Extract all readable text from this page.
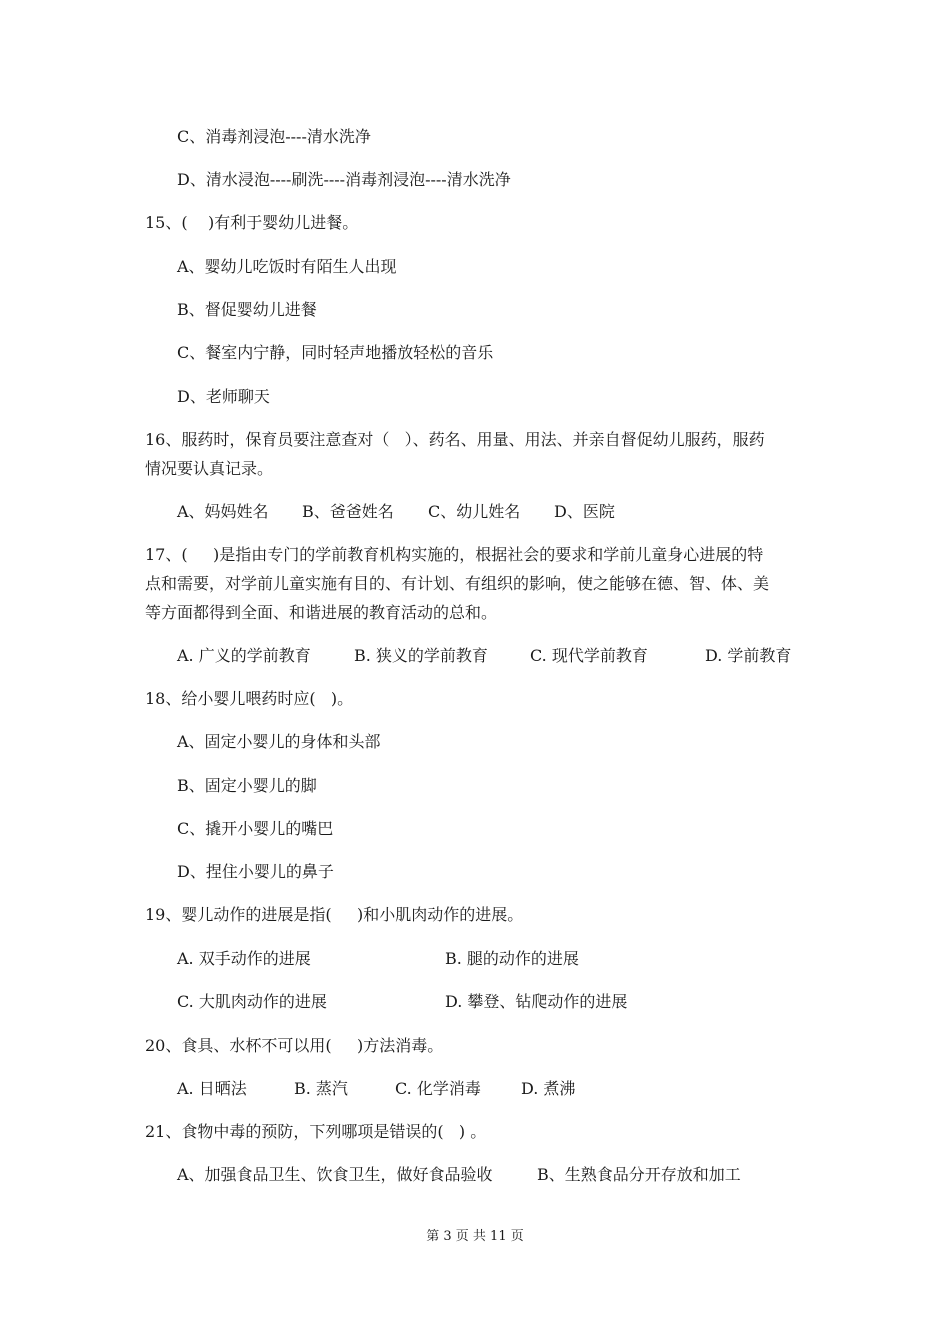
C、消毒剂浸泡----清水洗净
D、清水浸泡----刷洗----消毒剂浸泡----清水洗净
15、(    )有利于婴幼儿进餐。
A、婴幼儿吃饭时有陌生人出现
B、督促婴幼儿进餐
C、餐室内宁静，同时轻声地播放轻松的音乐
D、老师聊天
16、服药时，保育员要注意查对（   ）、药名、用量、用法、并亲自督促幼儿服药，服药
情况要认真记录。
A、妈妈姓名 B、爸爸姓名 C、幼儿姓名 D、医院
17、(     )是指由专门的学前教育机构实施的，根据社会的要求和学前儿童身心进展的特
点和需要，对学前儿童实施有目的、有计划、有组织的影响，使之能够在德、智、体、美
等方面都得到全面、和谐进展的教育活动的总和。
A. 广义的学前教育	B. 狭义的学前教育	C. 现代学前教育	D. 学前教育
18、给小婴儿喂药时应(   )。
A、固定小婴儿的身体和头部
B、固定小婴儿的脚
C、撬开小婴儿的嘴巴
D、捏住小婴儿的鼻子
19、婴儿动作的进展是指(     )和小肌肉动作的进展。
A. 双手动作的进展	B. 腿的动作的进展
C. 大肌肉动作的进展	D. 攀登、钻爬动作的进展
20、食具、水杯不可以用(     )方法消毒。
A. 日晒法	B. 蒸汽	C. 化学消毒	D. 煮沸
21、食物中毒的预防，下列哪项是错误的(   ) 。
A、加强食品卫生、饮食卫生，做好食品验收	B、生熟食品分开存放和加工
第 3 页 共 11 页
